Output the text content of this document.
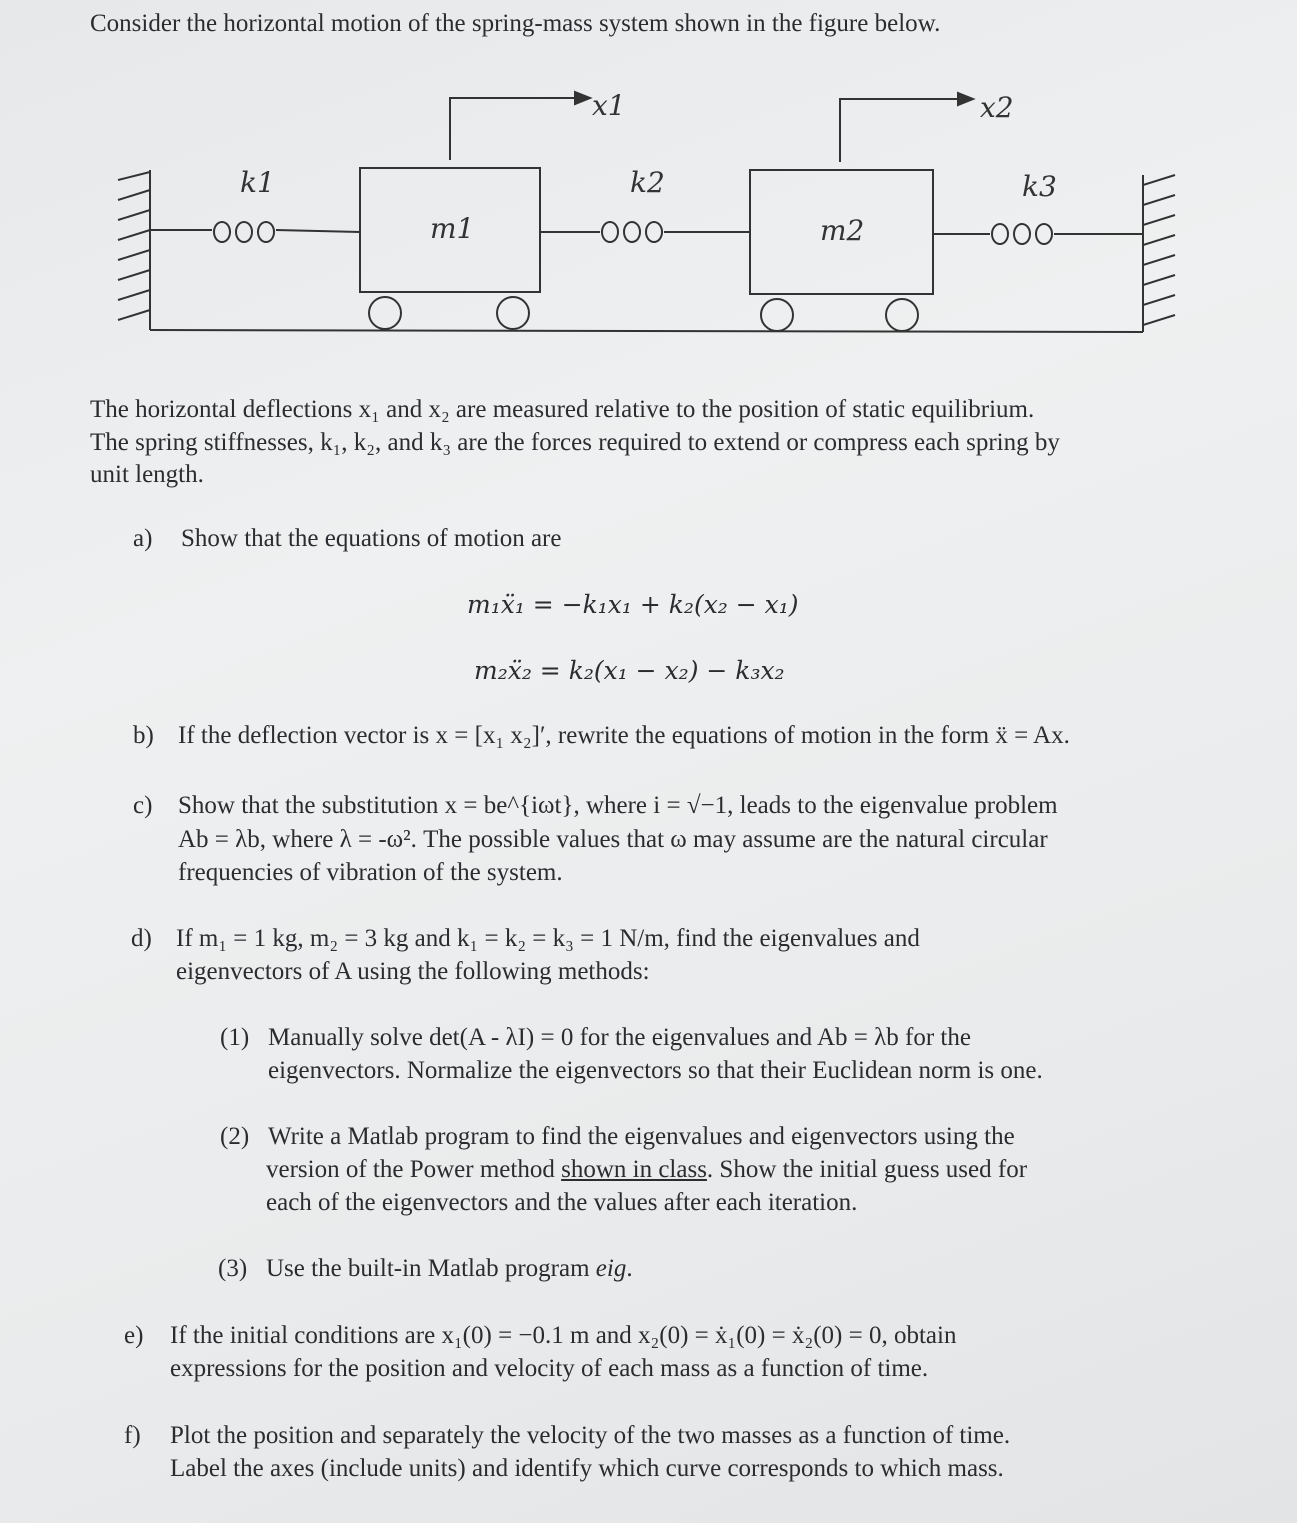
Consider the horizontal motion of the spring-mass system shown in the figure below.
x1	x2
k1	k2	k3
m1	m2
The horizontal deflections x₁ and x₂ are measured relative to the position of static equilibrium.
The spring stiffnesses, k₁, k₂, and k₃ are the forces required to extend or compress each spring by
unit length.
a) Show that the equations of motion are
m₁ẍ₁ = −k₁x₁ + k₂(x₂ − x₁)
m₂ẍ₂ = k₂(x₁ − x₂) − k₃x₂
b) If the deflection vector is x = [x₁ x₂]′, rewrite the equations of motion in the form ẍ = Ax.
c) Show that the substitution x = be^{iωt}, where i = √−1, leads to the eigenvalue problem
Ab = λb, where λ = -ω². The possible values that ω may assume are the natural circular
frequencies of vibration of the system.
d) If m₁ = 1 kg, m₂ = 3 kg and k₁ = k₂ = k₃ = 1 N/m, find the eigenvalues and
eigenvectors of A using the following methods:
(1) Manually solve det(A - λI) = 0 for the eigenvalues and Ab = λb for the
eigenvectors. Normalize the eigenvectors so that their Euclidean norm is one.
(2) Write a Matlab program to find the eigenvalues and eigenvectors using the
version of the Power method shown in class. Show the initial guess used for
each of the eigenvectors and the values after each iteration.
(3) Use the built-in Matlab program eig.
e) If the initial conditions are x₁(0) = −0.1 m and x₂(0) = ẋ₁(0) = ẋ₂(0) = 0, obtain
expressions for the position and velocity of each mass as a function of time.
f) Plot the position and separately the velocity of the two masses as a function of time.
Label the axes (include units) and identify which curve corresponds to which mass.
